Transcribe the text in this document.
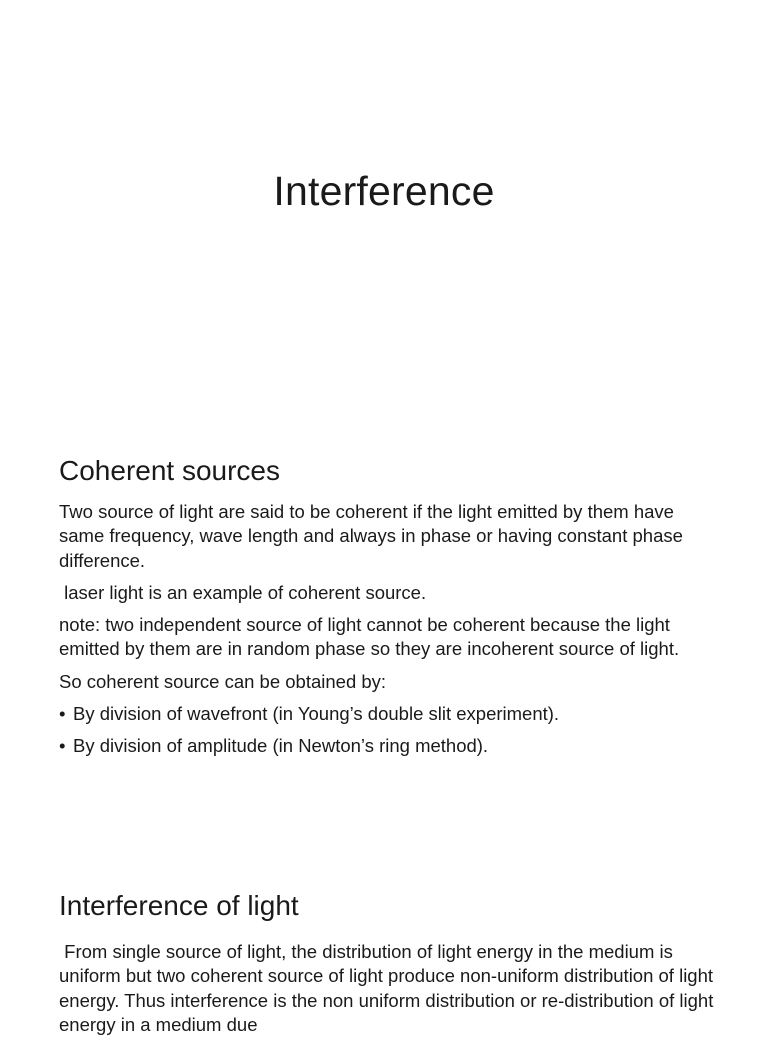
Interference
Coherent sources

Two source of light are said to be coherent if the light emitted by them have same frequency, wave length and always in phase or having constant phase difference.

laser light is an example of coherent source.

note: two independent source of light cannot be coherent because the light emitted by them are in random phase so they are incoherent source of light.

So coherent source can be obtained by:

• By division of wavefront (in Young’s double slit experiment).
• By division of amplitude (in Newton’s ring method).
Interference of light

From single source of light, the distribution of light energy in the medium is uniform but two coherent source of light produce non-uniform distribution of light energy. Thus interference is the non uniform distribution or re-distribution of light energy in a medium due
